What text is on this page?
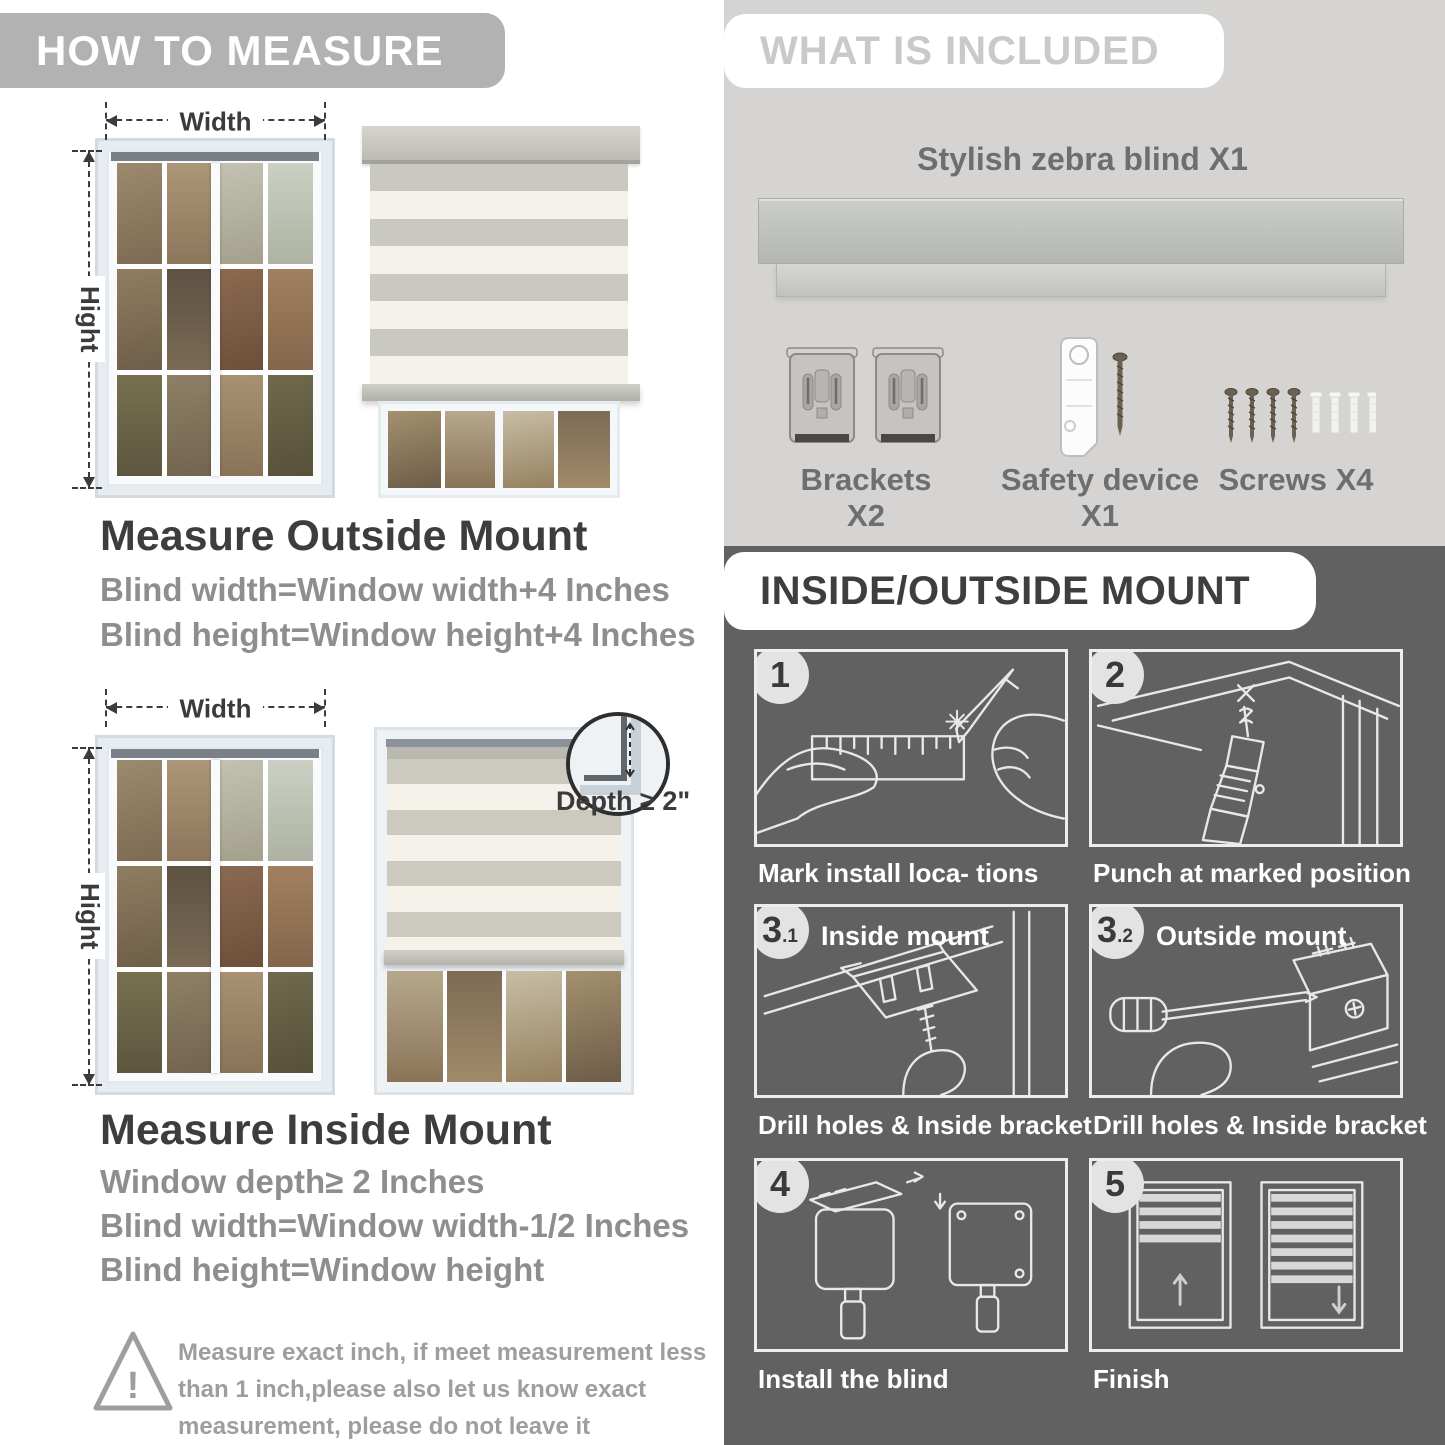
HOW TO MEASURE
Width
Hight
Measure Outside Mount
Blind width=Window width+4 Inches
Blind height=Window height+4 Inches
Width
Hight
Depth ≥ 2"
Measure Inside Mount
Window depth≥ 2 Inches
Blind width=Window width-1/2 Inches
Blind height=Window height
!
Measure exact inch, if meet measurement less
than 1 inch,please also let us know exact
measurement, please do not leave it
WHAT IS INCLUDED
Stylish zebra blind X1
Brackets X2
Safety device X1
Screws X4
INSIDE/OUTSIDE MOUNT
1
Mark install loca- tions
2
Punch at marked position
3 .1 Inside mount
Drill holes & Inside bracket
3 .2 Outside mount
Drill holes & Inside bracket
4
Install the blind
5
Finish
